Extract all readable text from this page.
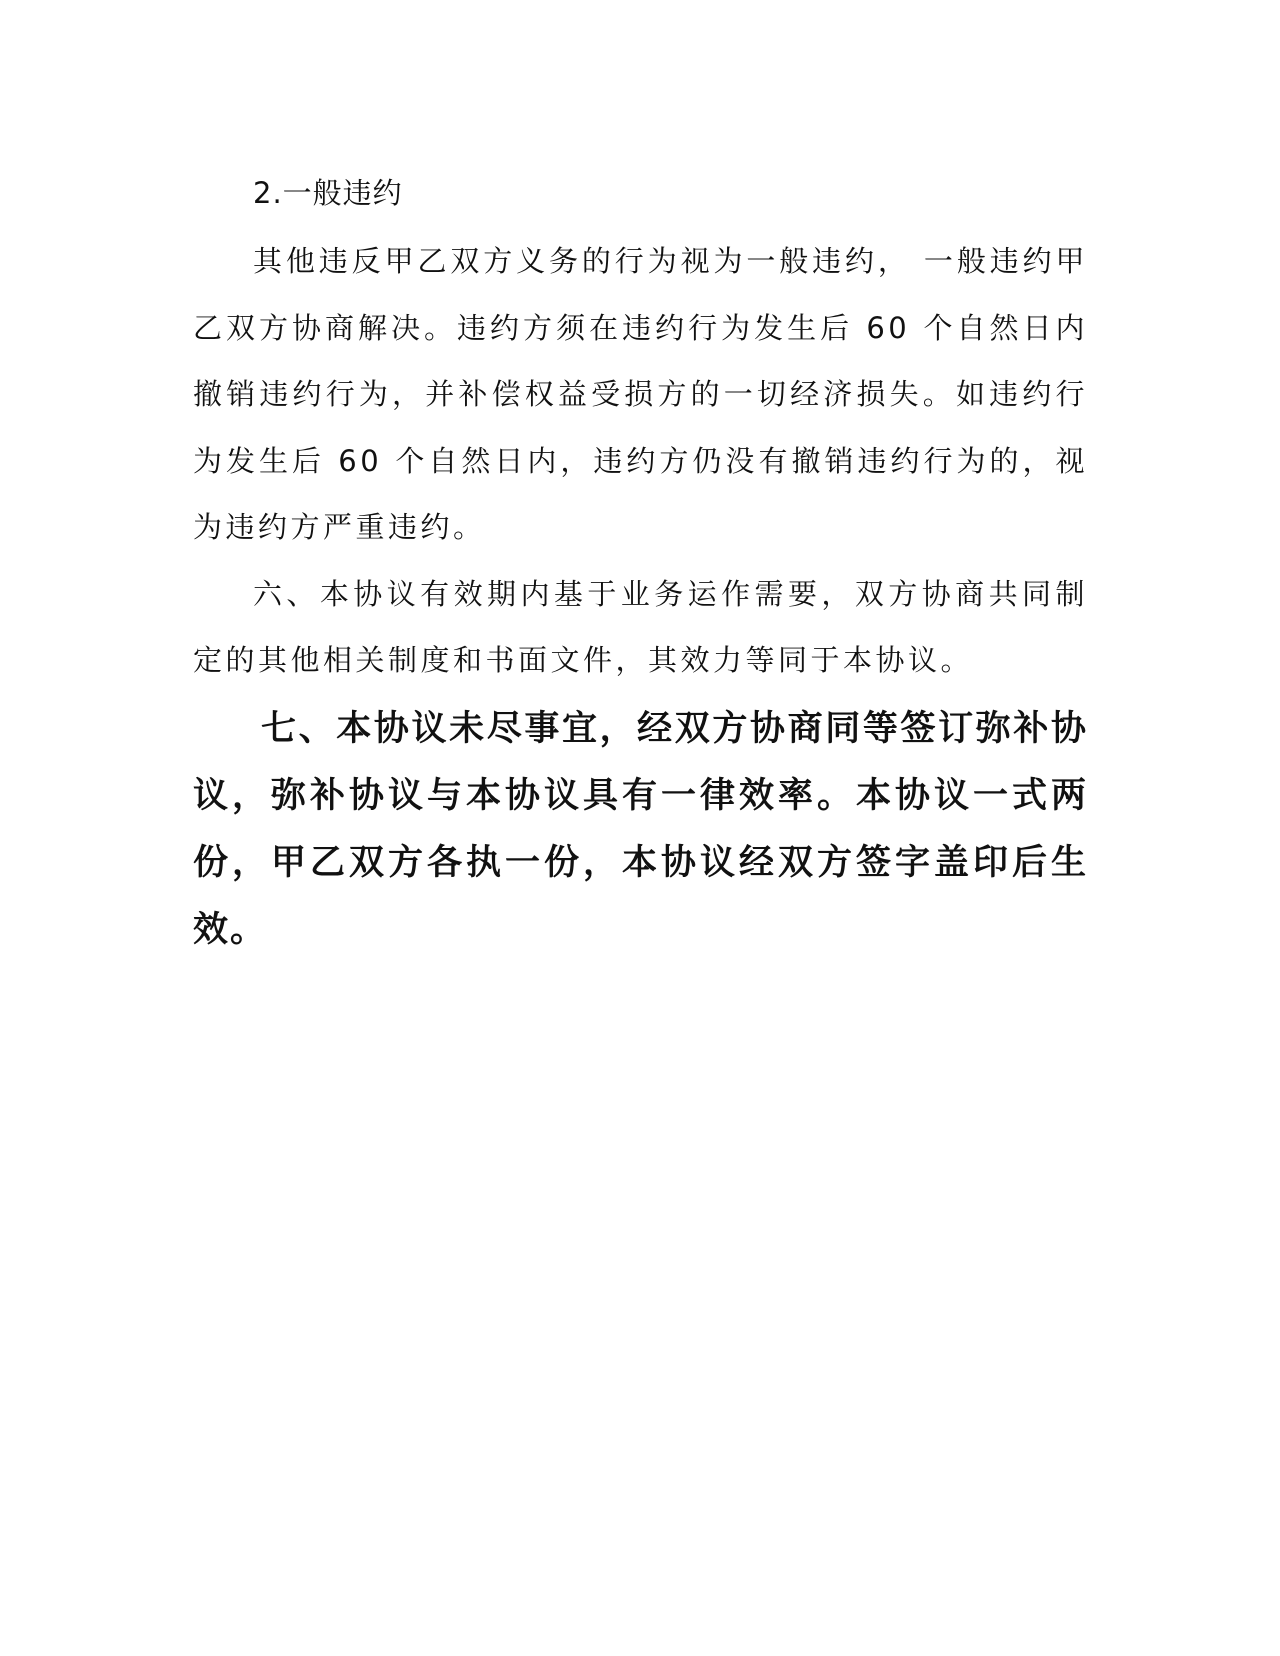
2.一般违约

其他违反甲乙双方义务的行为视为一般违约， 一般违约甲乙双方协商解决。违约方须在违约行为发生后 60 个自然日内撤销违约行为，并补偿权益受损方的一切经济损失。如违约行为发生后 60 个自然日内，违约方仍没有撤销违约行为的，视为违约方严重违约。

六、本协议有效期内基于业务运作需要，双方协商共同制定的其他相关制度和书面文件，其效力等同于本协议。

七、本协议未尽事宜，经双方协商同等签订弥补协议，弥补协议与本协议具有一律效率。本协议一式两份，甲乙双方各执一份，本协议经双方签字盖印后生效。
